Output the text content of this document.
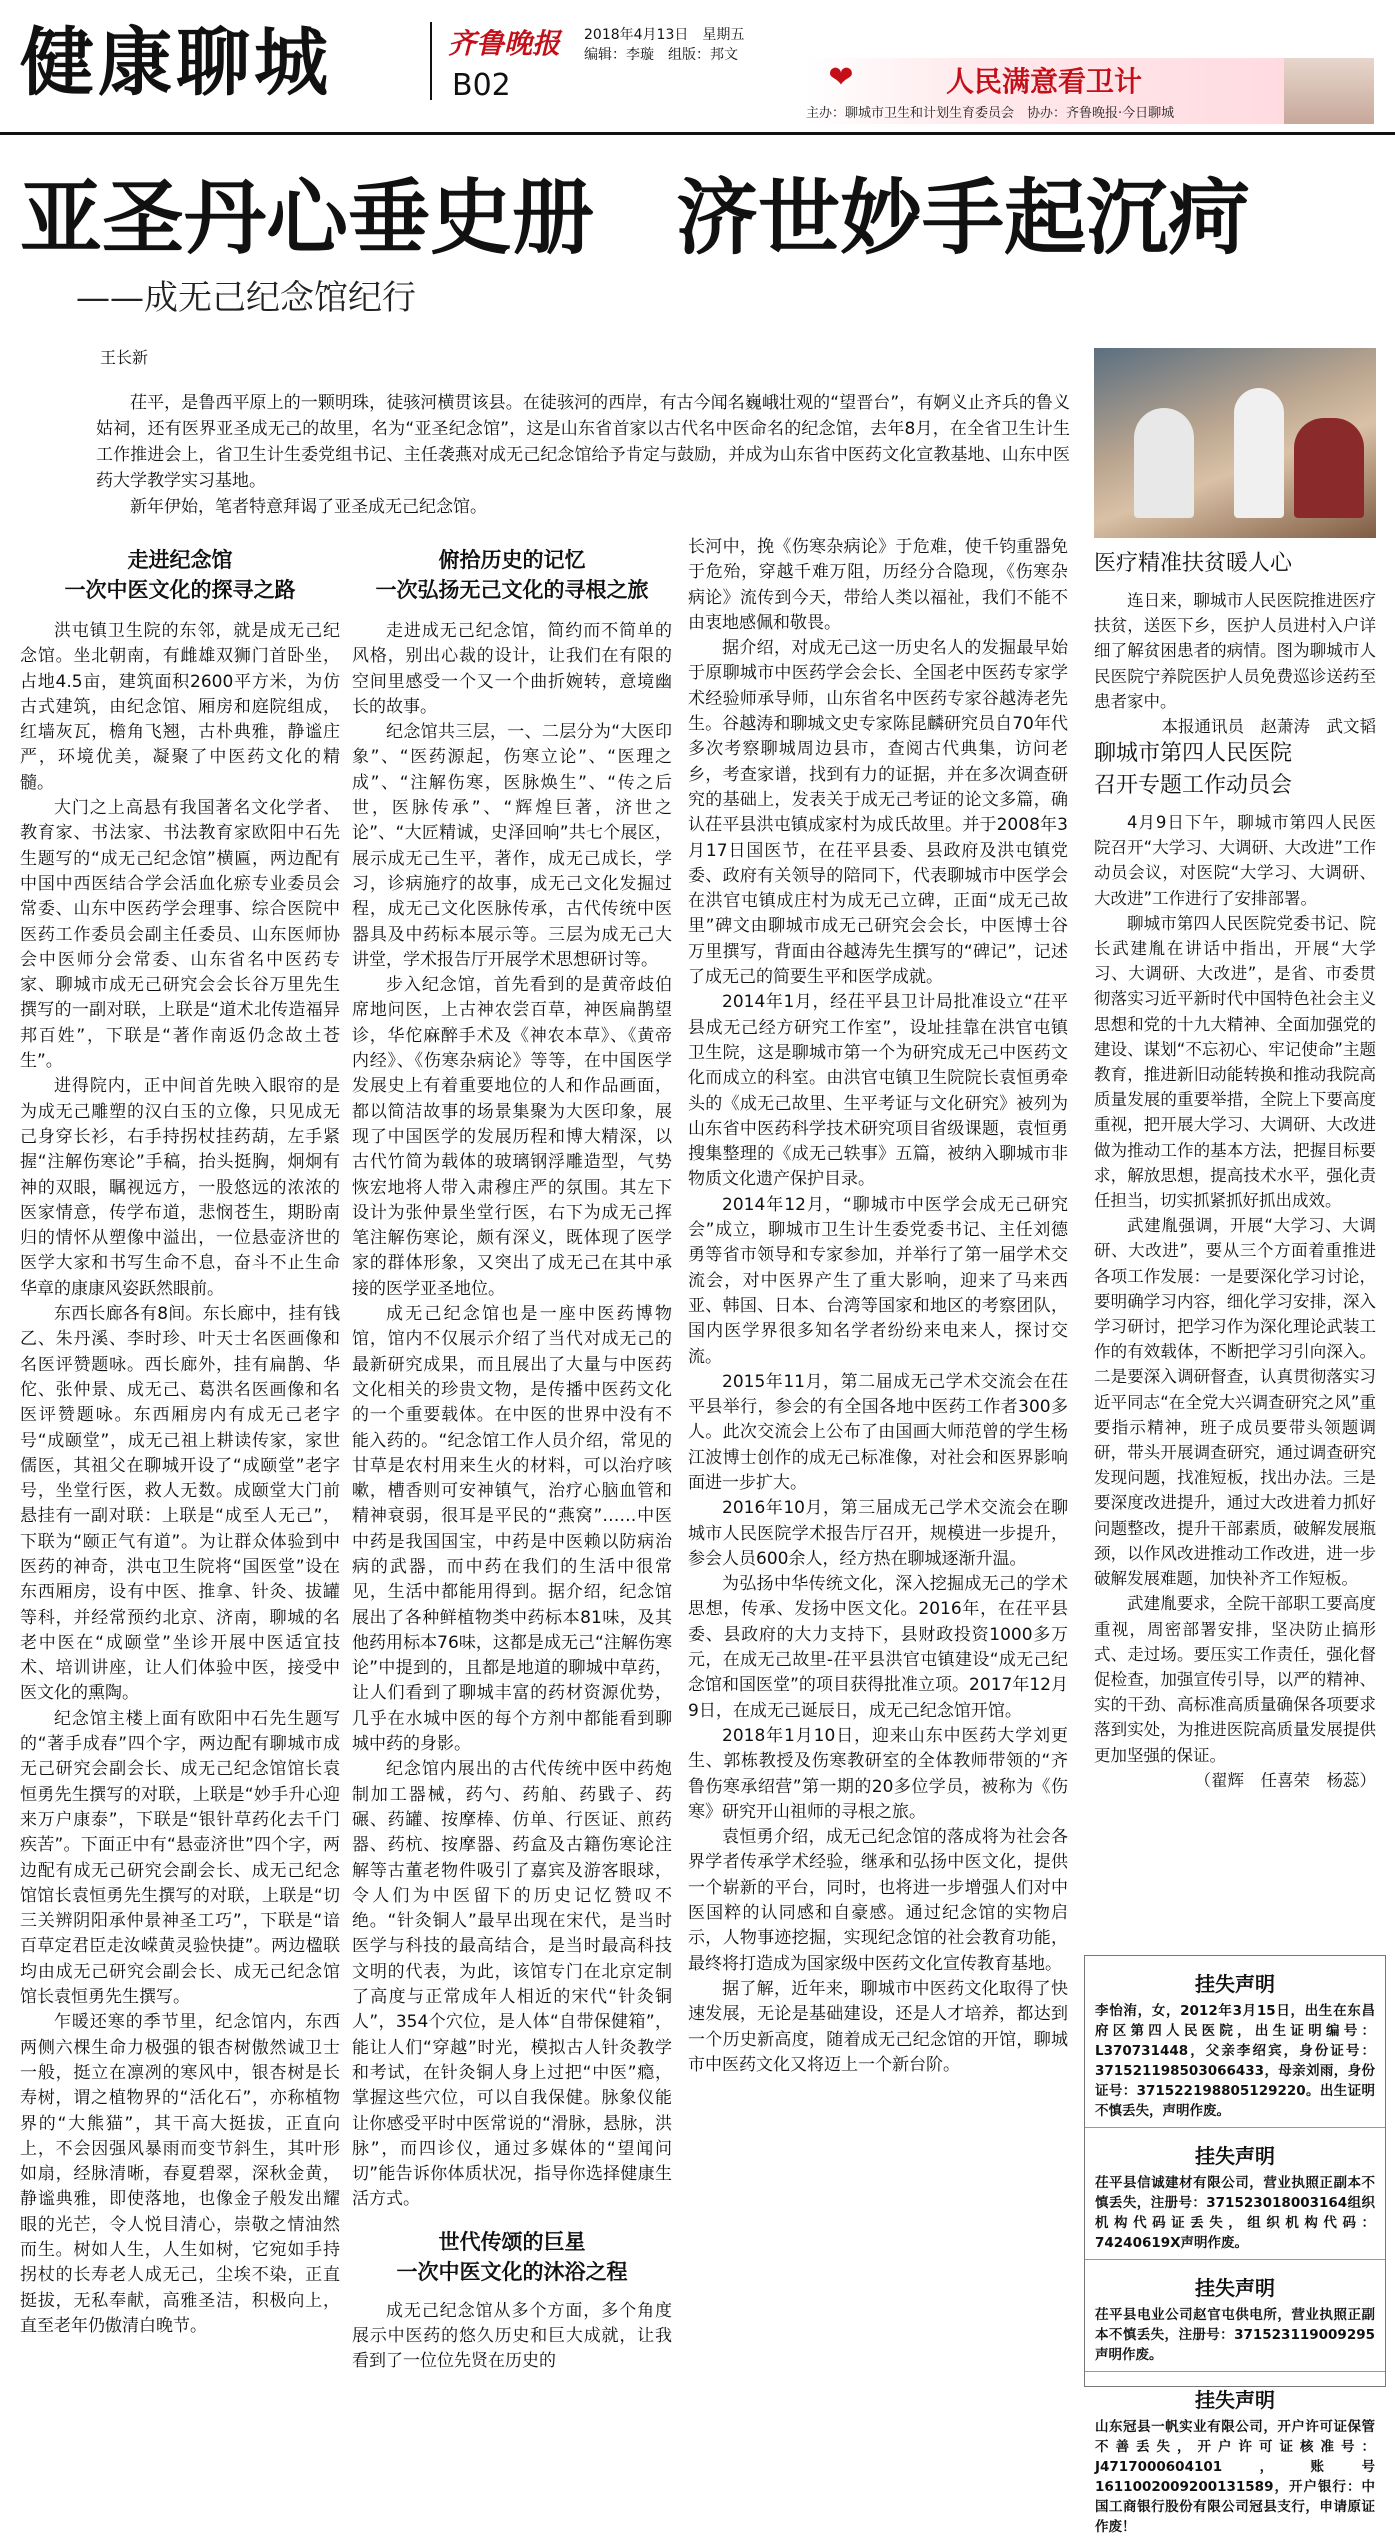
健康聊城	齐鲁晚报
B02
2018年4月13日　星期五
编辑：李璇　组版：邦文
❤	人民满意看卫计
主办：聊城市卫生和计划生育委员会　协办：齐鲁晚报·今日聊城
亚圣丹心垂史册　济世妙手起沉疴
——成无己纪念馆纪行
王长新

茌平，是鲁西平原上的一颗明珠，徒骇河横贯该县。在徒骇河的西岸，有古今闻名巍峨壮观的“望晋台”，有婀义止齐兵的鲁义姑祠，还有医界亚圣成无己的故里，名为“亚圣纪念馆”，这是山东省首家以古代名中医命名的纪念馆，去年8月，在全省卫生计生工作推进会上，省卫生计生委党组书记、主任袭燕对成无己纪念馆给予肯定与鼓励，并成为山东省中医药文化宣教基地、山东中医药大学教学实习基地。

新年伊始，笔者特意拜谒了亚圣成无己纪念馆。

走进纪念馆
一次中医文化的探寻之路

洪屯镇卫生院的东邻，就是成无己纪念馆。坐北朝南，有雌雄双狮门首卧坐，占地4.5亩，建筑面积2600平方米，为仿古式建筑，由纪念馆、厢房和庭院组成，红墙灰瓦，檐角飞翘，古朴典雅，静谧庄严，环境优美，凝聚了中医药文化的精髓。

大门之上高悬有我国著名文化学者、教育家、书法家、书法教育家欧阳中石先生题写的“成无己纪念馆”横匾，两边配有中国中西医结合学会活血化瘀专业委员会常委、山东中医药学会理事、综合医院中医药工作委员会副主任委员、山东医师协会中医师分会常委、山东省名中医药专家、聊城市成无己研究会会长谷万里先生撰写的一副对联，上联是“道术北传造福异邦百姓”，下联是“著作南返仍念故土苍生”。

进得院内，正中间首先映入眼帘的是为成无己雕塑的汉白玉的立像，只见成无己身穿长衫，右手持拐杖挂药葫，左手紧握“注解伤寒论”手稿，抬头挺胸，炯炯有神的双眼，瞩视远方，一股悠远的浓浓的医家情意，传学布道，悲悯苍生，期盼南归的情怀从塑像中溢出，一位悬壶济世的医学大家和书写生命不息，奋斗不止生命华章的康康风姿跃然眼前。

东西长廊各有8间。东长廊中，挂有钱乙、朱丹溪、李时珍、叶天士名医画像和名医评赞题咏。西长廊外，挂有扁鹊、华佗、张仲景、成无己、葛洪名医画像和名医评赞题咏。东西厢房内有成无己老字号“成颐堂”，成无己祖上耕读传家，家世儒医，其祖父在聊城开设了“成颐堂”老字号，坐堂行医，救人无数。成颐堂大门前悬挂有一副对联：上联是“成至人无己”，下联为“颐正气有道”。为让群众体验到中医药的神奇，洪屯卫生院将“国医堂”设在东西厢房，设有中医、推拿、针灸、拔罐等科，并经常预约北京、济南，聊城的名老中医在“成颐堂”坐诊开展中医适宜技术、培训讲座，让人们体验中医，接受中医文化的熏陶。

纪念馆主楼上面有欧阳中石先生题写的“著手成春”四个字，两边配有聊城市成无己研究会副会长、成无己纪念馆馆长袁恒勇先生撰写的对联，上联是“妙手升心迎来万户康泰”，下联是“银针草药化去千门疾苦”。下面正中有“悬壶济世”四个字，两边配有成无己研究会副会长、成无己纪念馆馆长袁恒勇先生撰写的对联，上联是“切三关辨阴阳承仲景神圣工巧”，下联是“谙百草定君臣走汝嵘黄灵验快捷”。两边楹联均由成无己研究会副会长、成无己纪念馆馆长袁恒勇先生撰写。

乍暖还寒的季节里，纪念馆内，东西两侧六棵生命力极强的银杏树傲然诚卫士一般，挺立在凛冽的寒风中，银杏树是长寿树，谓之植物界的“活化石”，亦称植物界的“大熊猫”，其干高大挺拔，正直向上，不会因强风暴雨而变节斜生，其叶形如扇，经脉清晰，春夏碧翠，深秋金黄，静谧典雅，即使落地，也像金子般发出耀眼的光芒，令人悦目清心，崇敬之情油然而生。树如人生，人生如树，它宛如手持拐杖的长寿老人成无己，尘埃不染，正直挺拔，无私奉献，高雅圣洁，积极向上，直至老年仍傲清白晚节。

俯拾历史的记忆
一次弘扬无己文化的寻根之旅

走进成无己纪念馆，简约而不简单的风格，别出心裁的设计，让我们在有限的空间里感受一个又一个曲折婉转，意境幽长的故事。

纪念馆共三层，一、二层分为“大医印象”、“医药源起，伤寒立论”、“医理之成”、“注解伤寒，医脉焕生”、“传之后世，医脉传承”、“辉煌巨著，济世之论”、“大匠精诚，史泽回响”共七个展区，展示成无己生平，著作，成无己成长，学习，诊病施疗的故事，成无己文化发掘过程，成无己文化医脉传承，古代传统中医器具及中药标本展示等。三层为成无己大讲堂，学术报告厅开展学术思想研讨等。

步入纪念馆，首先看到的是黄帝歧伯席地问医，上古神农尝百草，神医扁鹊望诊，华佗麻醉手术及《神农本草》、《黄帝内经》、《伤寒杂病论》等等，在中国医学发展史上有着重要地位的人和作品画面，都以简洁故事的场景集聚为大医印象，展现了中国医学的发展历程和博大精深，以古代竹简为载体的玻璃钢浮雕造型，气势恢宏地将人带入肃穆庄严的氛围。其左下设计为张仲景坐堂行医，右下为成无己挥笔注解伤寒论，颇有深义，既体现了医学家的群体形象，又突出了成无己在其中承接的医学亚圣地位。

成无己纪念馆也是一座中医药博物馆，馆内不仅展示介绍了当代对成无己的最新研究成果，而且展出了大量与中医药文化相关的珍贵文物，是传播中医药文化的一个重要载体。在中医的世界中没有不能入药的。“纪念馆工作人员介绍，常见的甘草是农村用来生火的材料，可以治疗咳嗽，槽香则可安神镇气，治疗心脑血管和精神衰弱，很耳是平民的“燕窝”……中医中药是我国国宝，中药是中医赖以防病治病的武器，而中药在我们的生活中很常见，生活中都能用得到。据介绍，纪念馆展出了各种鲜植物类中药标本81味，及其他药用标本76味，这都是成无己“注解伤寒论”中提到的，且都是地道的聊城中草药，让人们看到了聊城丰富的药材资源优势，几乎在水城中医的每个方剂中都能看到聊城中药的身影。

纪念馆内展出的古代传统中医中药炮制加工器械，药勺、药舶、药戥子、药碾、药罐、按摩棒、仿单、行医证、煎药器、药杭、按摩器、药盒及古籍伤寒论注解等古董老物件吸引了嘉宾及游客眼球，令人们为中医留下的历史记忆赞叹不绝。“针灸铜人”最早出现在宋代，是当时医学与科技的最高结合，是当时最高科技文明的代表，为此，该馆专门在北京定制了高度与正常成年人相近的宋代“针灸铜人”，354个穴位，是人体“自带保健箱”，能让人们“穿越”时光，模拟古人针灸教学和考试，在针灸铜人身上过把“中医”瘾，掌握这些穴位，可以自我保健。脉象仪能让你感受平时中医常说的“滑脉，悬脉，洪脉”，而四诊仪，通过多媒体的“望闻问切”能告诉你体质状况，指导你选择健康生活方式。

世代传颂的巨星
一次中医文化的沐浴之程

成无己纪念馆从多个方面，多个角度展示中医药的悠久历史和巨大成就，让我看到了一位位先贤在历史的

长河中，挽《伤寒杂病论》于危难，使千钧重器免于危殆，穿越千难万阻，历经分合隐现，《伤寒杂病论》流传到今天，带给人类以福祉，我们不能不由衷地感佩和敬畏。

据介绍，对成无己这一历史名人的发掘最早始于原聊城市中医药学会会长、全国老中医药专家学术经验师承导师，山东省名中医药专家谷越涛老先生。谷越涛和聊城文史专家陈昆麟研究员自70年代多次考察聊城周边县市，查阅古代典集，访问老乡，考查家谱，找到有力的证据，并在多次调查研究的基础上，发表关于成无己考证的论文多篇，确认茌平县洪屯镇成家村为成氏故里。并于2008年3月17日国医节，在茌平县委、县政府及洪屯镇党委、政府有关领导的陪同下，代表聊城市中医学会在洪官屯镇成庄村为成无己立碑，正面“成无己故里”碑文由聊城市成无己研究会会长，中医博士谷万里撰写，背面由谷越涛先生撰写的“碑记”，记述了成无己的简要生平和医学成就。

2014年1月，经茌平县卫计局批准设立“茌平县成无己经方研究工作室”，设址挂靠在洪官屯镇卫生院，这是聊城市第一个为研究成无己中医药文化而成立的科室。由洪官屯镇卫生院院长袁恒勇牵头的《成无己故里、生平考证与文化研究》被列为山东省中医药科学技术研究项目省级课题，袁恒勇搜集整理的《成无己轶事》五篇，被纳入聊城市非物质文化遗产保护目录。

2014年12月，“聊城市中医学会成无己研究会”成立，聊城市卫生计生委党委书记、主任刘德勇等省市领导和专家参加，并举行了第一届学术交流会，对中医界产生了重大影响，迎来了马来西亚、韩国、日本、台湾等国家和地区的考察团队，国内医学界很多知名学者纷纷来电来人，探讨交流。

2015年11月，第二届成无己学术交流会在茌平县举行，参会的有全国各地中医药工作者300多人。此次交流会上公布了由国画大师范曾的学生杨江波博士创作的成无己标准像，对社会和医界影响面进一步扩大。

2016年10月，第三届成无己学术交流会在聊城市人民医院学术报告厅召开，规模进一步提升，参会人员600余人，经方热在聊城逐渐升温。

为弘扬中华传统文化，深入挖掘成无己的学术思想，传承、发扬中医文化。2016年，在茌平县委、县政府的大力支持下，县财政投资1000多万元，在成无己故里-茌平县洪官屯镇建设“成无己纪念馆和国医堂”的项目获得批准立项。2017年12月9日，在成无己诞辰日，成无己纪念馆开馆。

2018年1月10日，迎来山东中医药大学刘更生、郭栋教授及伤寒教研室的全体教师带领的“齐鲁伤寒承绍营”第一期的20多位学员，被称为《伤寒》研究开山祖师的寻根之旅。

袁恒勇介绍，成无己纪念馆的落成将为社会各界学者传承学术经验，继承和弘扬中医文化，提供一个崭新的平台，同时，也将进一步增强人们对中医国粹的认同感和自豪感。通过纪念馆的实物启示，人物事迹挖掘，实现纪念馆的社会教育功能，最终将打造成为国家级中医药文化宣传教育基地。

据了解，近年来，聊城市中医药文化取得了快速发展，无论是基础建设，还是人才培养，都达到一个历史新高度，随着成无己纪念馆的开馆，聊城市中医药文化又将迈上一个新台阶。

医疗精准扶贫暖人心

连日来，聊城市人民医院推进医疗扶贫，送医下乡，医护人员进村入户详细了解贫困患者的病情。图为聊城市人民医院宁养院医护人员免费巡诊送药至患者家中。

本报通讯员　赵萧涛　武文韬
聊城市第四人民医院
召开专题工作动员会

4月9日下午，聊城市第四人民医院召开“大学习、大调研、大改进”工作动员会议，对医院“大学习、大调研、大改进”工作进行了安排部署。

聊城市第四人民医院党委书记、院长武建胤在讲话中指出，开展“大学习、大调研、大改进”，是省、市委贯彻落实习近平新时代中国特色社会主义思想和党的十九大精神、全面加强党的建设、谋划“不忘初心、牢记使命”主题教育，推进新旧动能转换和推动我院高质量发展的重要举措，全院上下要高度重视，把开展大学习、大调研、大改进做为推动工作的基本方法，把握目标要求，解放思想，提高技术水平，强化责任担当，切实抓紧抓好抓出成效。

武建胤强调，开展“大学习、大调研、大改进”，要从三个方面着重推进各项工作发展：一是要深化学习讨论，要明确学习内容，细化学习安排，深入学习研讨，把学习作为深化理论武装工作的有效载体，不断把学习引向深入。二是要深入调研督查，认真贯彻落实习近平同志“在全党大兴调查研究之风”重要指示精神，班子成员要带头领题调研，带头开展调查研究，通过调查研究发现问题，找准短板，找出办法。三是要深度改进提升，通过大改进着力抓好问题整改，提升干部素质，破解发展瓶颈，以作风改进推动工作改进，进一步破解发展难题，加快补齐工作短板。

武建胤要求，全院干部职工要高度重视，周密部署安排，坚决防止搞形式、走过场。要压实工作责任，强化督促检查，加强宣传引导，以严的精神、实的干劲、高标准高质量确保各项要求落到实处，为推进医院高质量发展提供更加坚强的保证。

（翟辉　任喜荣　杨蕊）
挂失声明
李怡洧，女，2012年3月15日，出生在东昌府区第四人民医院，出生证明编号：L370731448，父亲李绍宾，身份证号：37152119850306​6433，母亲刘雨，身份证号：371522198805129220。出生证明不慎丢失，声明作废。
挂失声明
茌平县信诚建材有限公司，营业执照正副本不慎丢失，注册号：371523018003164组织机构代码证丢失，组织机构代码：74240619X声明作废。
挂失声明
茌平县电业公司赵官屯供电所，营业执照正副本不慎丢失，注册号：371523119009295声明作废。
挂失声明
山东冠县一帆实业有限公司，开户许可证保管不善丢失，开户许可证核准号：J4717000604101，账号16110020092001315​89，开户银行：中国工商银行股份有限公司冠县支行，申请原证作废！
